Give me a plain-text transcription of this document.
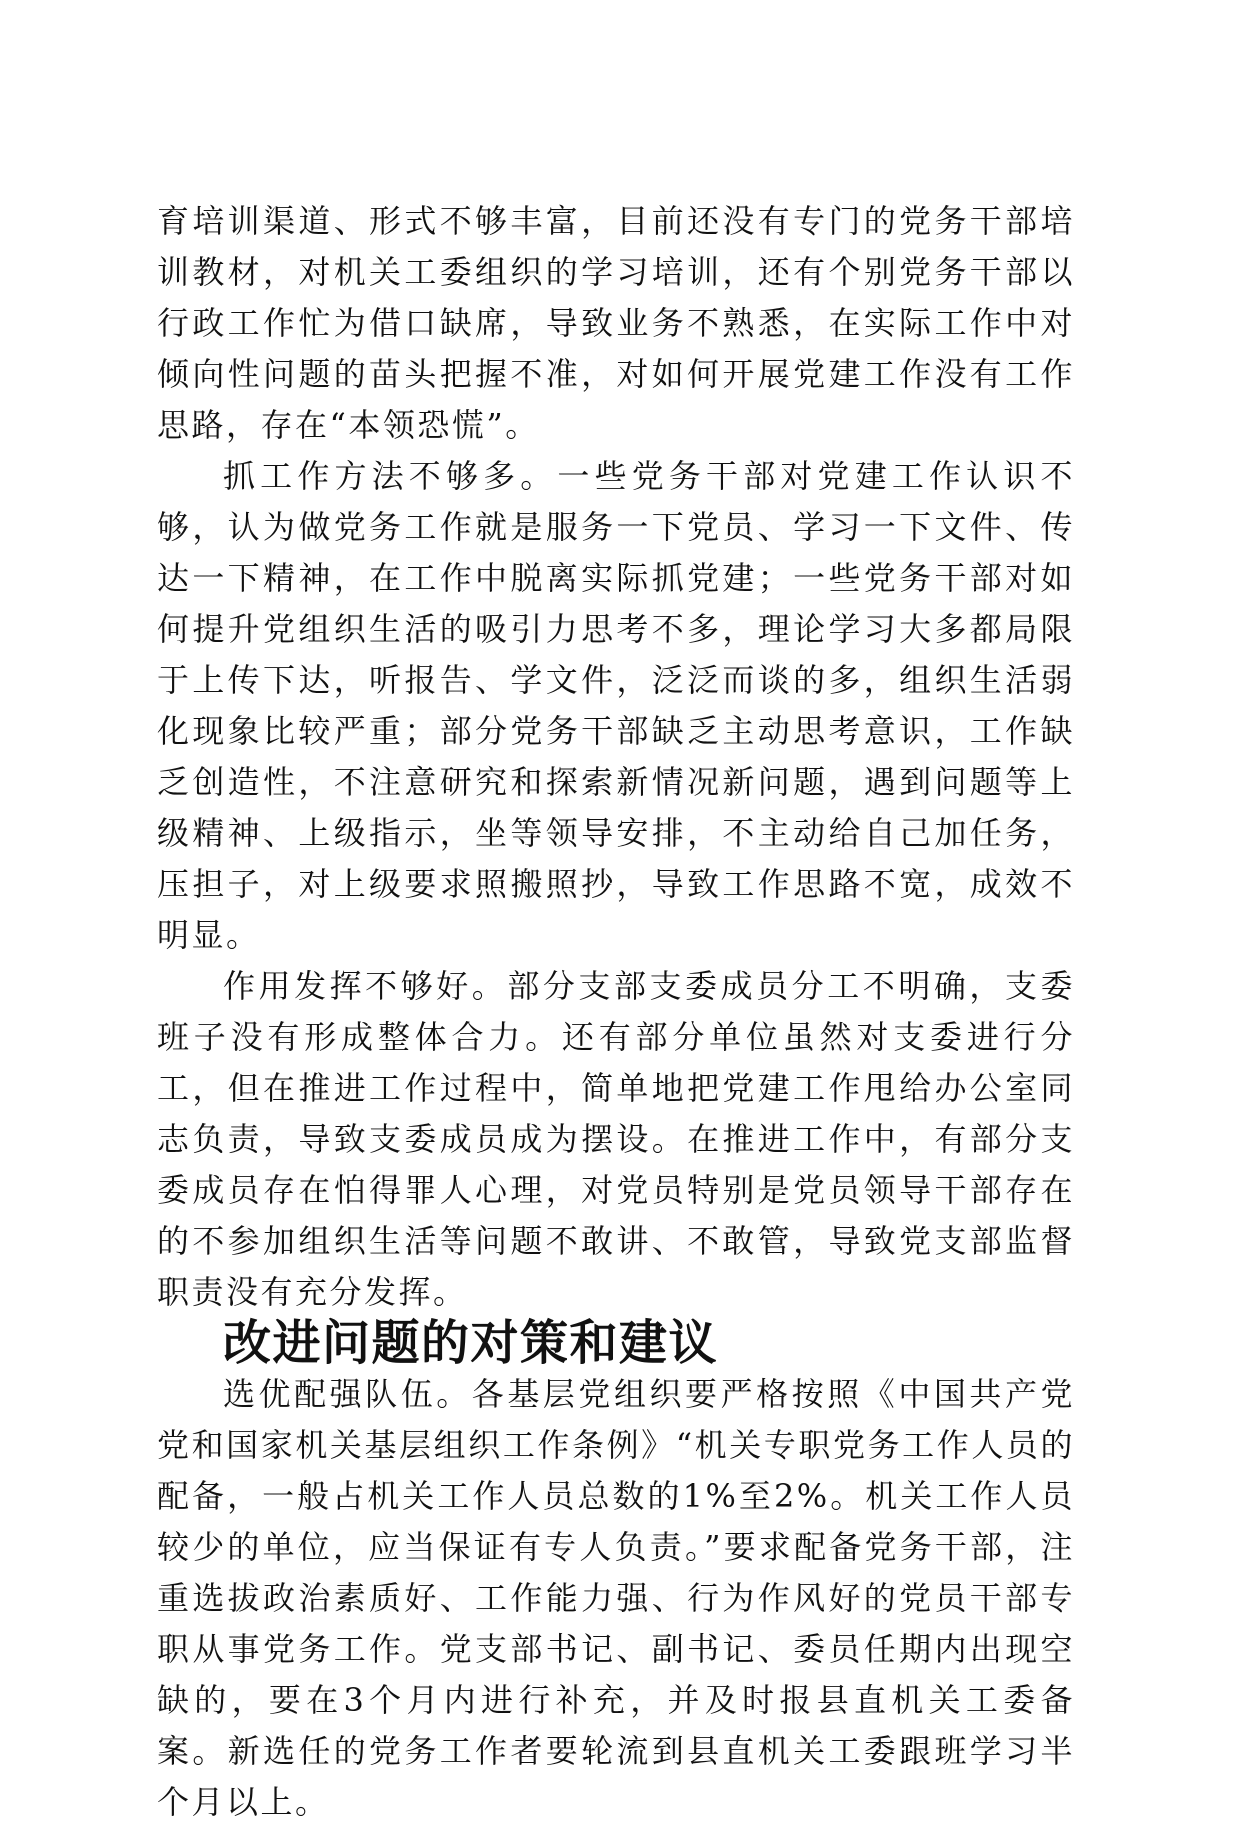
育培训渠道、形式不够丰富，目前还没有专门的党务干部培训教材，对机关工委组织的学习培训，还有个别党务干部以行政工作忙为借口缺席，导致业务不熟悉，在实际工作中对倾向性问题的苗头把握不准，对如何开展党建工作没有工作思路，存在“本领恐慌”。

抓工作方法不够多。一些党务干部对党建工作认识不够，认为做党务工作就是服务一下党员、学习一下文件、传达一下精神，在工作中脱离实际抓党建；一些党务干部对如何提升党组织生活的吸引力思考不多，理论学习大多都局限于上传下达，听报告、学文件，泛泛而谈的多，组织生活弱化现象比较严重；部分党务干部缺乏主动思考意识，工作缺乏创造性，不注意研究和探索新情况新问题，遇到问题等上级精神、上级指示，坐等领导安排，不主动给自己加任务，压担子，对上级要求照搬照抄，导致工作思路不宽，成效不明显。

作用发挥不够好。部分支部支委成员分工不明确，支委班子没有形成整体合力。还有部分单位虽然对支委进行分工，但在推进工作过程中，简单地把党建工作甩给办公室同志负责，导致支委成员成为摆设。在推进工作中，有部分支委成员存在怕得罪人心理，对党员特别是党员领导干部存在的不参加组织生活等问题不敢讲、不敢管，导致党支部监督职责没有充分发挥。

改进问题的对策和建议

选优配强队伍。各基层党组织要严格按照《中国共产党党和国家机关基层组织工作条例》“机关专职党务工作人员的配备，一般占机关工作人员总数的1%至2%。机关工作人员较少的单位，应当保证有专人负责。”要求配备党务干部，注重选拔政治素质好、工作能力强、行为作风好的党员干部专职从事党务工作。党支部书记、副书记、委员任期内出现空缺的，要在3个月内进行补充，并及时报县直机关工委备案。新选任的党务工作者要轮流到县直机关工委跟班学习半个月以上。
